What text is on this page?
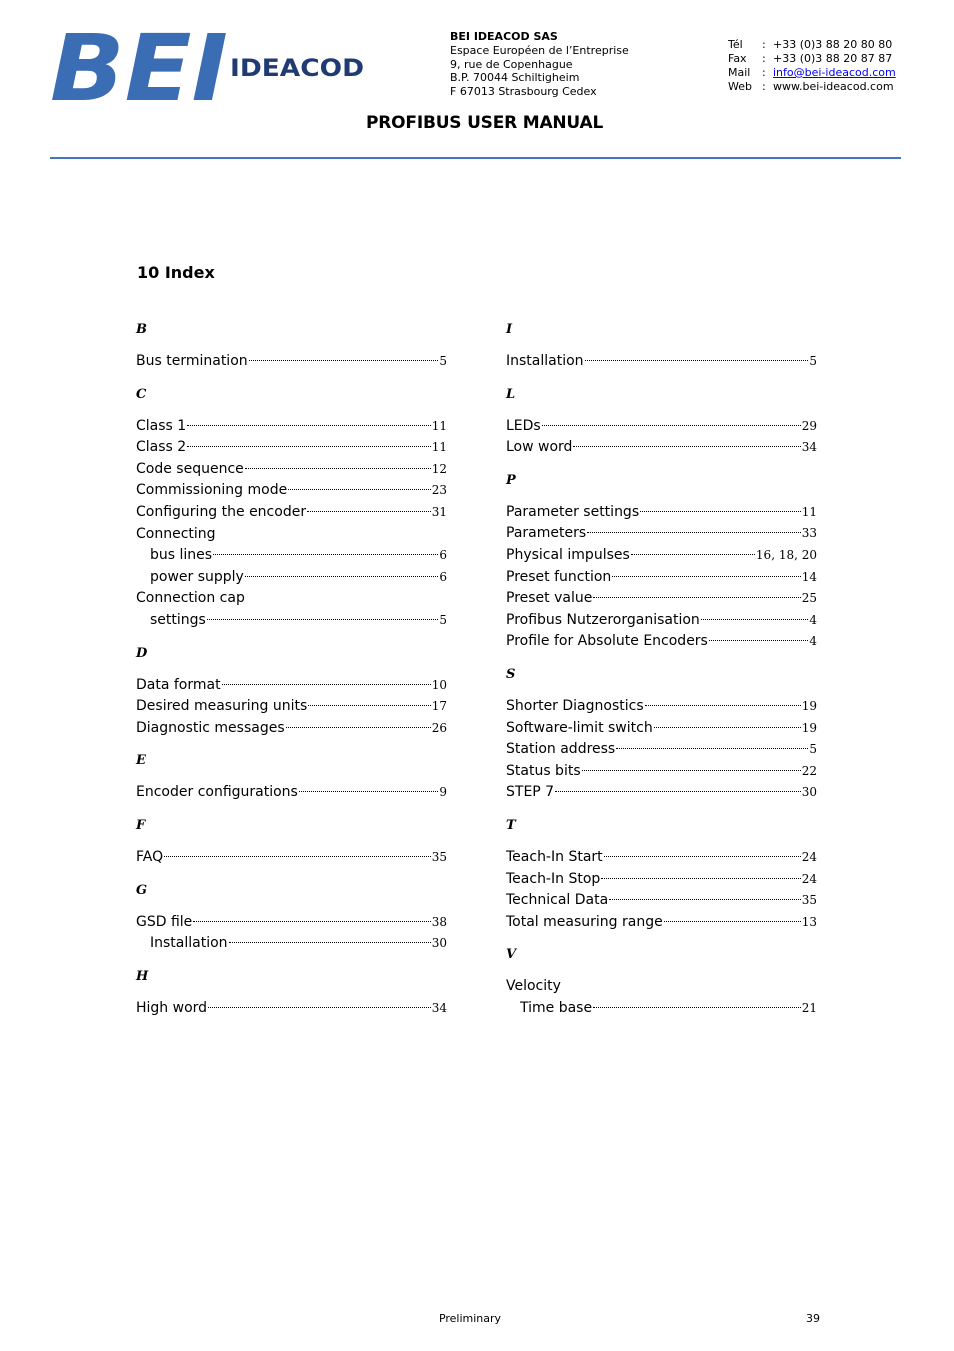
BEI IDEACOD
BEI IDEACOD SAS
Espace Européen de l’Entreprise
9, rue de Copenhague
B.P. 70044 Schiltigheim
F 67013 Strasbourg Cedex
Tél	: +33 (0)3 88 20 80 80
Fax	: +33 (0)3 88 20 87 87
Mail	: info@bei-ideacod.com
Web : www.bei-ideacod.com
PROFIBUS USER MANUAL
10 Index
B
Bus termination	5
C
Class 1	11
Class 2	11
Code sequence	12
Commissioning mode	23
Configuring the encoder	31
Connecting
bus lines	6
power supply	6
Connection cap
settings	5
D
Data format	10
Desired measuring units	17
Diagnostic messages	26
E
Encoder configurations	9
F
FAQ	35
G
GSD file	38
Installation	30
H
High word	34
I
Installation	5
L
LEDs	29
Low word	34
P
Parameter settings	11
Parameters	33
Physical impulses	16, 18, 20
Preset function	14
Preset value	25
Profibus Nutzerorganisation	4
Profile for Absolute Encoders	4
S
Shorter Diagnostics	19
Software-limit switch	19
Station address	5
Status bits	22
STEP 7	30
T
Teach-In Start	24
Teach-In Stop	24
Technical Data	35
Total measuring range	13
V
Velocity
Time base	21
Preliminary	39
